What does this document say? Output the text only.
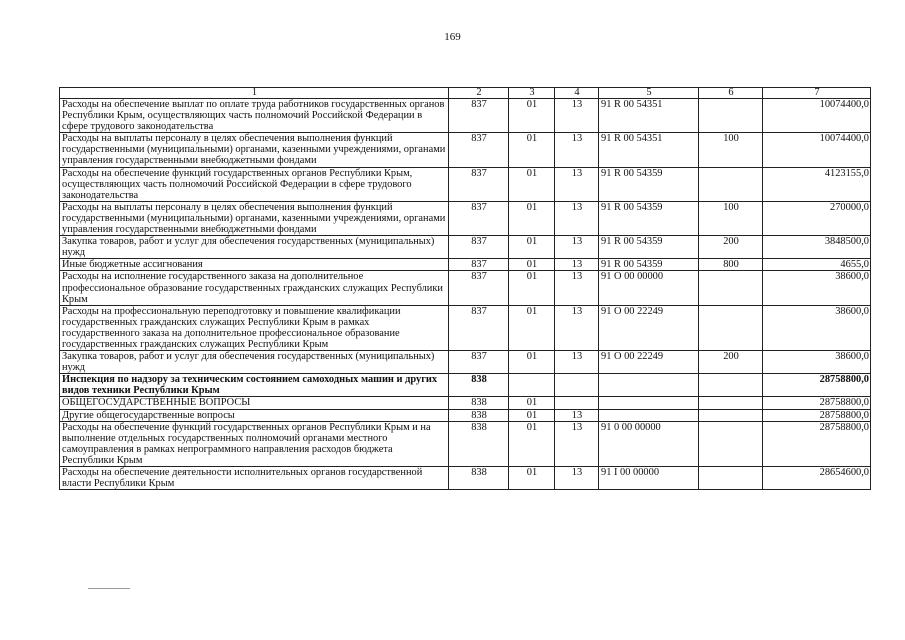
169
1	2	3	4	5	6	7
Расходы на обеспечение выплат по оплате труда работников государственных органов Республики Крым, осуществляющих часть полномочий Российской Федерации в сфере трудового законодательства	837	01	13	91 R 00 54351		10074400,0
Расходы на выплаты персоналу в целях обеспечения выполнения функций государственными (муниципальными) органами, казенными учреждениями, органами управления государственными внебюджетными фондами	837	01	13	91 R 00 54351	100	10074400,0
Расходы на обеспечение функций государственных органов Республики Крым, осуществляющих часть полномочий Российской Федерации в сфере трудового законодательства	837	01	13	91 R 00 54359		4123155,0
Расходы на выплаты персоналу в целях обеспечения выполнения функций государственными (муниципальными) органами, казенными учреждениями, органами управления государственными внебюджетными фондами	837	01	13	91 R 00 54359	100	270000,0
Закупка товаров, работ и услуг для обеспечения государственных (муниципальных) нужд	837	01	13	91 R 00 54359	200	3848500,0
Иные бюджетные ассигнования	837	01	13	91 R 00 54359	800	4655,0
Расходы на исполнение государственного заказа на дополнительное профессиональное образование государственных гражданских служащих Республики Крым	837	01	13	91 O 00 00000		38600,0
Расходы на профессиональную переподготовку и повышение квалификации государственных гражданских служащих Республики Крым в рамках государственного заказа на дополнительное профессиональное образование государственных гражданских служащих Республики Крым	837	01	13	91 O 00 22249		38600,0
Закупка товаров, работ и услуг для обеспечения государственных (муниципальных) нужд	837	01	13	91 O 00 22249	200	38600,0
Инспекция по надзору за техническим состоянием самоходных машин и других видов техники Республики Крым	838					28758800,0
ОБЩЕГОСУДАРСТВЕННЫЕ ВОПРОСЫ	838	01				28758800,0
Другие общегосударственные вопросы	838	01	13			28758800,0
Расходы на обеспечение функций государственных органов Республики Крым и на выполнение отдельных государственных полномочий органами местного самоуправления в рамках непрограммного направления расходов бюджета Республики Крым	838	01	13	91 0 00 00000		28758800,0
Расходы на обеспечение деятельности исполнительных органов государственной власти Республики Крым	838	01	13	91 I 00 00000		28654600,0
